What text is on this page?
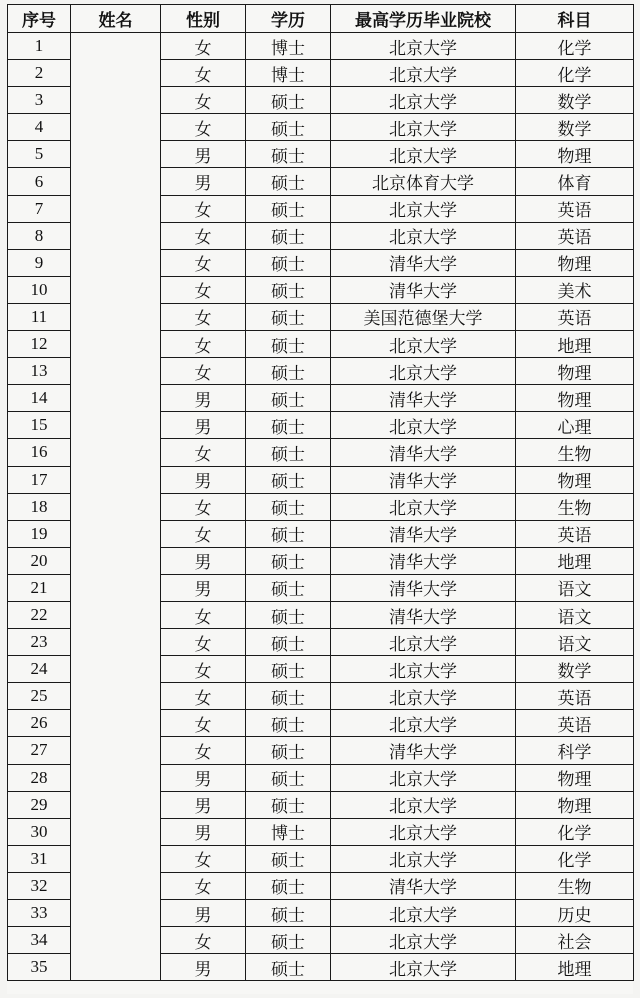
序号	姓名	性别	学历	最高学历毕业院校	科目
1		女	博士	北京大学	化学
2		女	博士	北京大学	化学
3		女	硕士	北京大学	数学
4		女	硕士	北京大学	数学
5		男	硕士	北京大学	物理
6		男	硕士	北京体育大学	体育
7		女	硕士	北京大学	英语
8		女	硕士	北京大学	英语
9		女	硕士	清华大学	物理
10		女	硕士	清华大学	美术
11		女	硕士	美国范德堡大学	英语
12		女	硕士	北京大学	地理
13		女	硕士	北京大学	物理
14		男	硕士	清华大学	物理
15		男	硕士	北京大学	心理
16		女	硕士	清华大学	生物
17		男	硕士	清华大学	物理
18		女	硕士	北京大学	生物
19		女	硕士	清华大学	英语
20		男	硕士	清华大学	地理
21		男	硕士	清华大学	语文
22		女	硕士	清华大学	语文
23		女	硕士	北京大学	语文
24		女	硕士	北京大学	数学
25		女	硕士	北京大学	英语
26		女	硕士	北京大学	英语
27		女	硕士	清华大学	科学
28		男	硕士	北京大学	物理
29		男	硕士	北京大学	物理
30		男	博士	北京大学	化学
31		女	硕士	北京大学	化学
32		女	硕士	清华大学	生物
33		男	硕士	北京大学	历史
34		女	硕士	北京大学	社会
35		男	硕士	北京大学	地理
